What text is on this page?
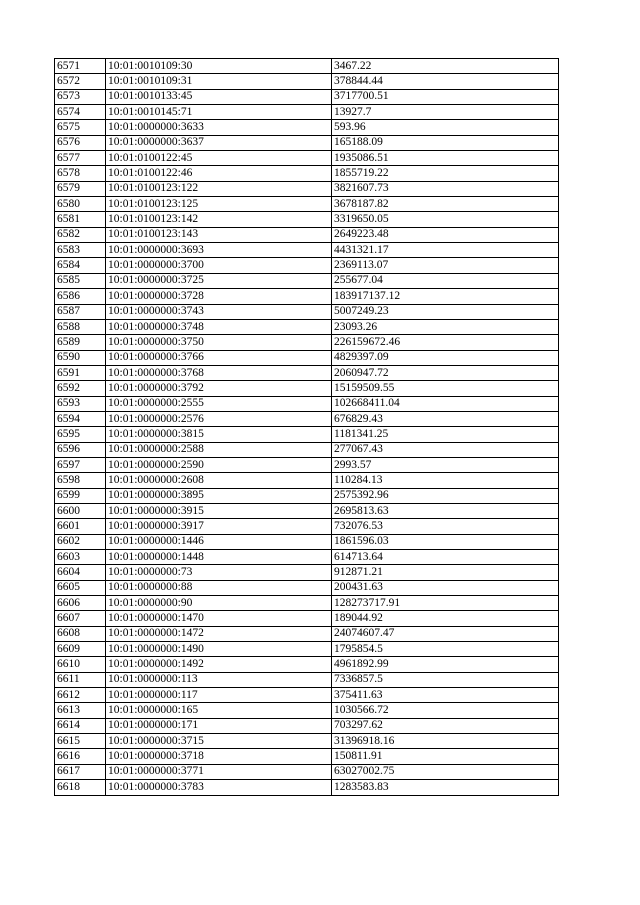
6571	10:01:0010109:30	3467.22
6572	10:01:0010109:31	378844.44
6573	10:01:0010133:45	3717700.51
6574	10:01:0010145:71	13927.7
6575	10:01:0000000:3633	593.96
6576	10:01:0000000:3637	165188.09
6577	10:01:0100122:45	1935086.51
6578	10:01:0100122:46	1855719.22
6579	10:01:0100123:122	3821607.73
6580	10:01:0100123:125	3678187.82
6581	10:01:0100123:142	3319650.05
6582	10:01:0100123:143	2649223.48
6583	10:01:0000000:3693	4431321.17
6584	10:01:0000000:3700	2369113.07
6585	10:01:0000000:3725	255677.04
6586	10:01:0000000:3728	183917137.12
6587	10:01:0000000:3743	5007249.23
6588	10:01:0000000:3748	23093.26
6589	10:01:0000000:3750	226159672.46
6590	10:01:0000000:3766	4829397.09
6591	10:01:0000000:3768	2060947.72
6592	10:01:0000000:3792	15159509.55
6593	10:01:0000000:2555	102668411.04
6594	10:01:0000000:2576	676829.43
6595	10:01:0000000:3815	1181341.25
6596	10:01:0000000:2588	277067.43
6597	10:01:0000000:2590	2993.57
6598	10:01:0000000:2608	110284.13
6599	10:01:0000000:3895	2575392.96
6600	10:01:0000000:3915	2695813.63
6601	10:01:0000000:3917	732076.53
6602	10:01:0000000:1446	1861596.03
6603	10:01:0000000:1448	614713.64
6604	10:01:0000000:73	912871.21
6605	10:01:0000000:88	200431.63
6606	10:01:0000000:90	128273717.91
6607	10:01:0000000:1470	189044.92
6608	10:01:0000000:1472	24074607.47
6609	10:01:0000000:1490	1795854.5
6610	10:01:0000000:1492	4961892.99
6611	10:01:0000000:113	7336857.5
6612	10:01:0000000:117	375411.63
6613	10:01:0000000:165	1030566.72
6614	10:01:0000000:171	703297.62
6615	10:01:0000000:3715	31396918.16
6616	10:01:0000000:3718	150811.91
6617	10:01:0000000:3771	63027002.75
6618	10:01:0000000:3783	1283583.83
